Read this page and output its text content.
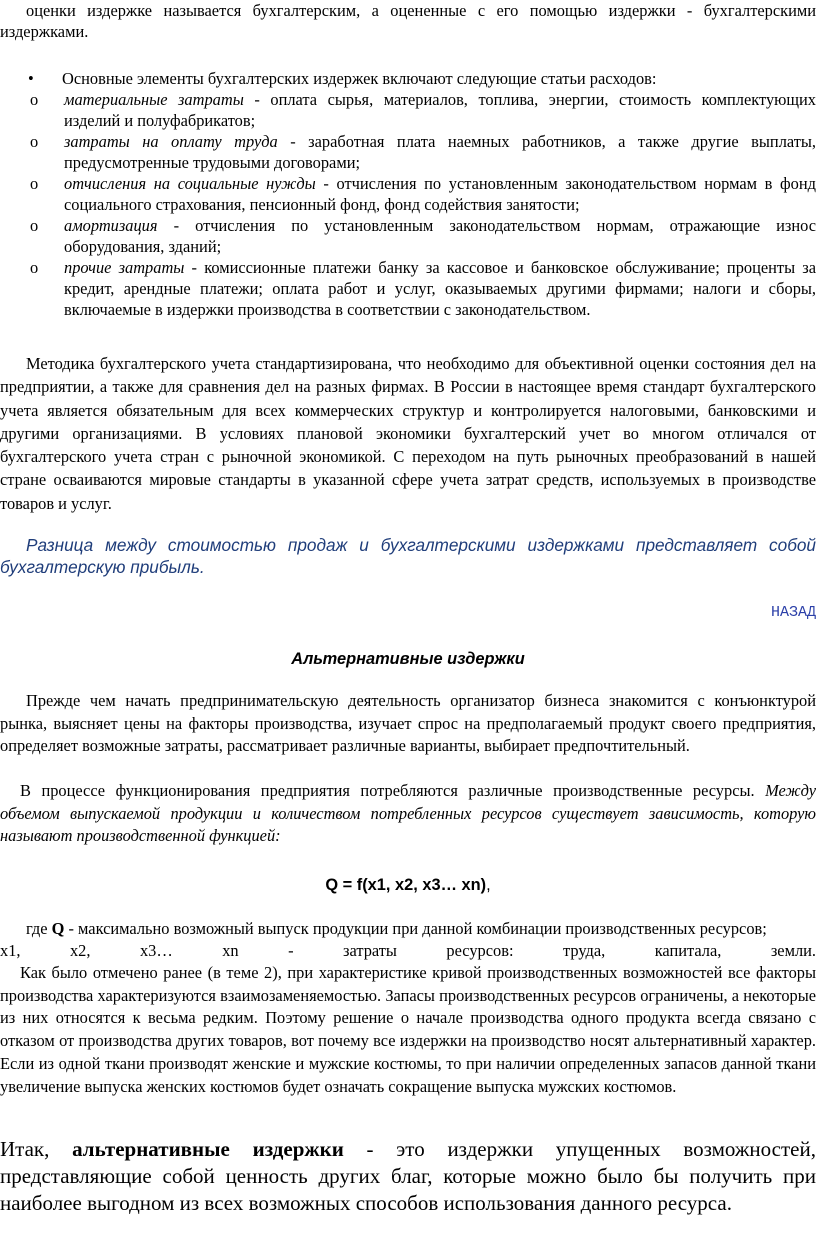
оценки издержке называется бухгалтерским, а оцененные с его помощью издержки - бухгалтерскими издержками.

• Основные элементы бухгалтерских издержек включают следующие статьи расходов:
o материальные затраты - оплата сырья, материалов, топлива, энергии, стоимость комплектующих изделий и полуфабрикатов;
o затраты на оплату труда - заработная плата наемных работников, а также другие выплаты, предусмотренные трудовыми договорами;
o отчисления на социальные нужды - отчисления по установленным законодательством нормам в фонд социального страхования, пенсионный фонд, фонд содействия занятости;
o амортизация - отчисления по установленным законодательством нормам, отражающие износ оборудования, зданий;
o прочие затраты - комиссионные платежи банку за кассовое и банковское обслуживание; проценты за кредит, арендные платежи; оплата работ и услуг, оказываемых другими фирмами; налоги и сборы, включаемые в издержки производства в соответствии с законодательством.

Методика бухгалтерского учета стандартизирована, что необходимо для объективной оценки состояния дел на предприятии, а также для сравнения дел на разных фирмах. В России в настоящее время стандарт бухгалтерского учета является обязательным для всех коммерческих структур и контролируется налоговыми, банковскими и другими организациями. В условиях плановой экономики бухгалтерский учет во многом отличался от бухгалтерского учета стран с рыночной экономикой. С переходом на путь рыночных преобразований в нашей стране осваиваются мировые стандарты в указанной сфере учета затрат средств, используемых в производстве товаров и услуг.

Разница между стоимостью продаж и бухгалтерскими издержками представляет собой бухгалтерскую прибыль.

НАЗАД
Альтернативные издержки

Прежде чем начать предпринимательскую деятельность организатор бизнеса знакомится с конъюнктурой рынка, выясняет цены на факторы производства, изучает спрос на предполагаемый продукт своего предприятия, определяет возможные затраты, рассматривает различные варианты, выбирает предпочтительный.

В процессе функционирования предприятия потребляются различные производственные ресурсы. Между объемом выпускаемой продукции и количеством потребленных ресурсов существует зависимость, которую называют производственной функцией:

Q = f(x1, x2, x3… xn),

где Q - максимально возможный выпуск продукции при данной комбинации производственных ресурсов;

x1, x2, x3… xn - затраты ресурсов: труда, капитала, земли.

Как было отмечено ранее (в теме 2), при характеристике кривой производственных возможностей все факторы производства характеризуются взаимозаменяемостью. Запасы производственных ресурсов ограничены, а некоторые из них относятся к весьма редким. Поэтому решение о начале производства одного продукта всегда связано с отказом от производства других товаров, вот почему все издержки на производство носят альтернативный характер. Если из одной ткани производят женские и мужские костюмы, то при наличии определенных запасов данной ткани увеличение выпуска женских костюмов будет означать сокращение выпуска мужских костюмов.

Итак, альтернативные издержки - это издержки упущенных возможностей, представляющие собой ценность других благ, которые можно было бы получить при наиболее выгодном из всех возможных способов использования данного ресурса.
